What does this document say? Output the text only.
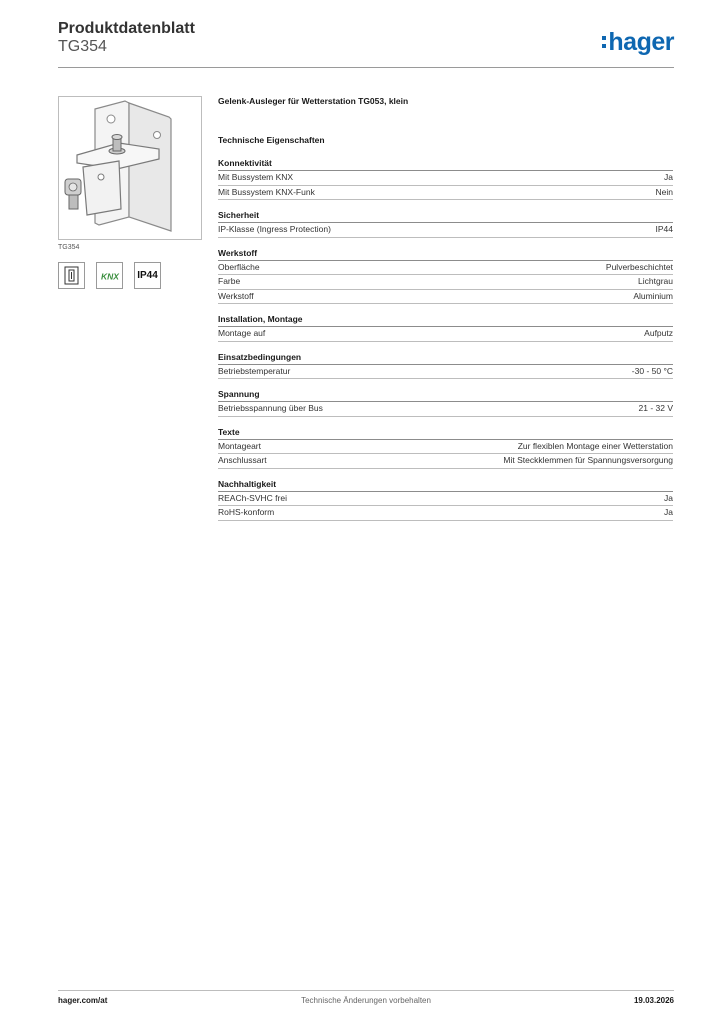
Produktdatenblatt
TG354	hager
TG354
KNX	IP44
Gelenk-Ausleger für Wetterstation TG053, klein
Technische Eigenschaften
Konnektivität
Mit Bussystem KNX	Ja
Mit Bussystem KNX-Funk	Nein
Sicherheit
IP-Klasse (Ingress Protection)	IP44
Werkstoff
Oberfläche	Pulverbeschichtet
Farbe	Lichtgrau
Werkstoff	Aluminium
Installation, Montage
Montage auf	Aufputz
Einsatzbedingungen
Betriebstemperatur	-30 - 50 °C
Spannung
Betriebsspannung über Bus	21 - 32 V
Texte
Montageart	Zur flexiblen Montage einer Wetterstation
Anschlussart	Mit Steckklemmen für Spannungsversorgung
Nachhaltigkeit
REACh-SVHC frei	Ja
RoHS-konform	Ja
Technische Änderungen vorbehalten
hager.com/at	19.03.2026
